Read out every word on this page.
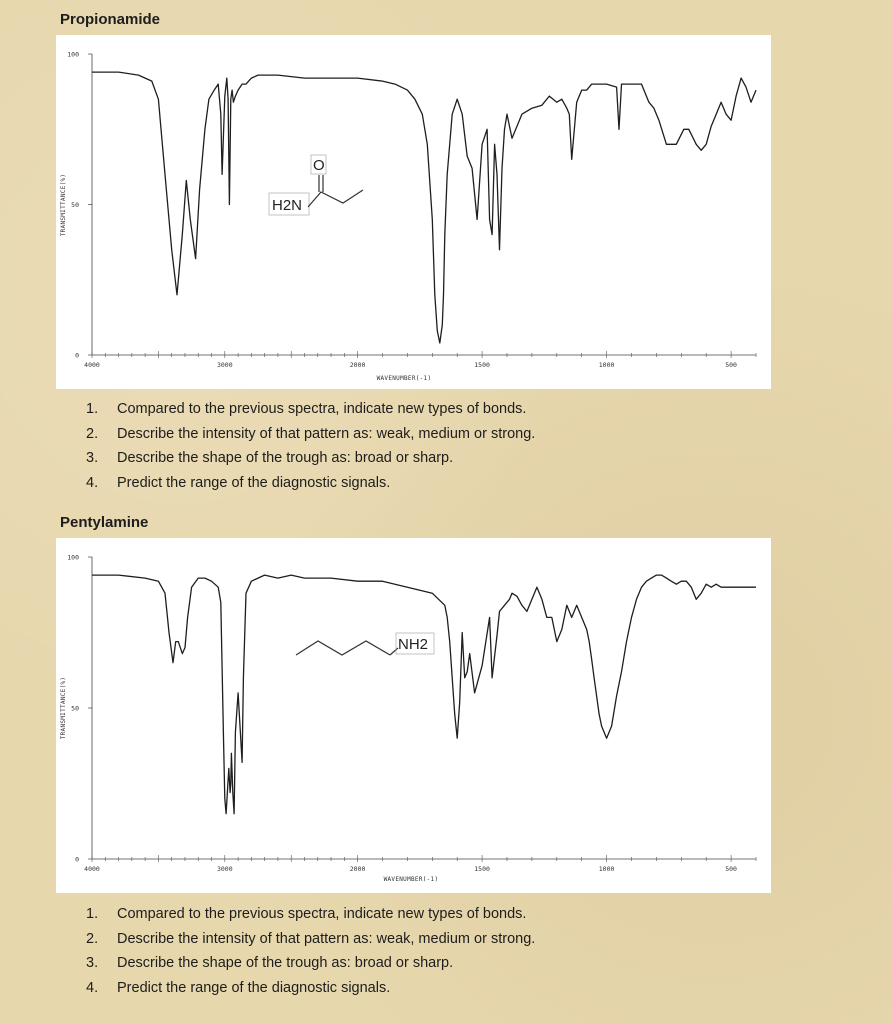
Propionamide
4000	3000	2000	1500	1000	500
100
50
0
WAVENUMBER(-1)
TRANSMITTANCE(%)	H2N
O
1. Compared to the previous spectra, indicate new types of bonds.
2. Describe the intensity of that pattern as: weak, medium or strong.
3. Describe the shape of the trough as: broad or sharp.
4. Predict the range of the diagnostic signals.
Pentylamine
4000	3000	2000	1500	1000	500
100
50
0
WAVENUMBER(-1)
TRANSMITTANCE(%)
NH2
1. Compared to the previous spectra, indicate new types of bonds.
2. Describe the intensity of that pattern as: weak, medium or strong.
3. Describe the shape of the trough as: broad or sharp.
4. Predict the range of the diagnostic signals.
